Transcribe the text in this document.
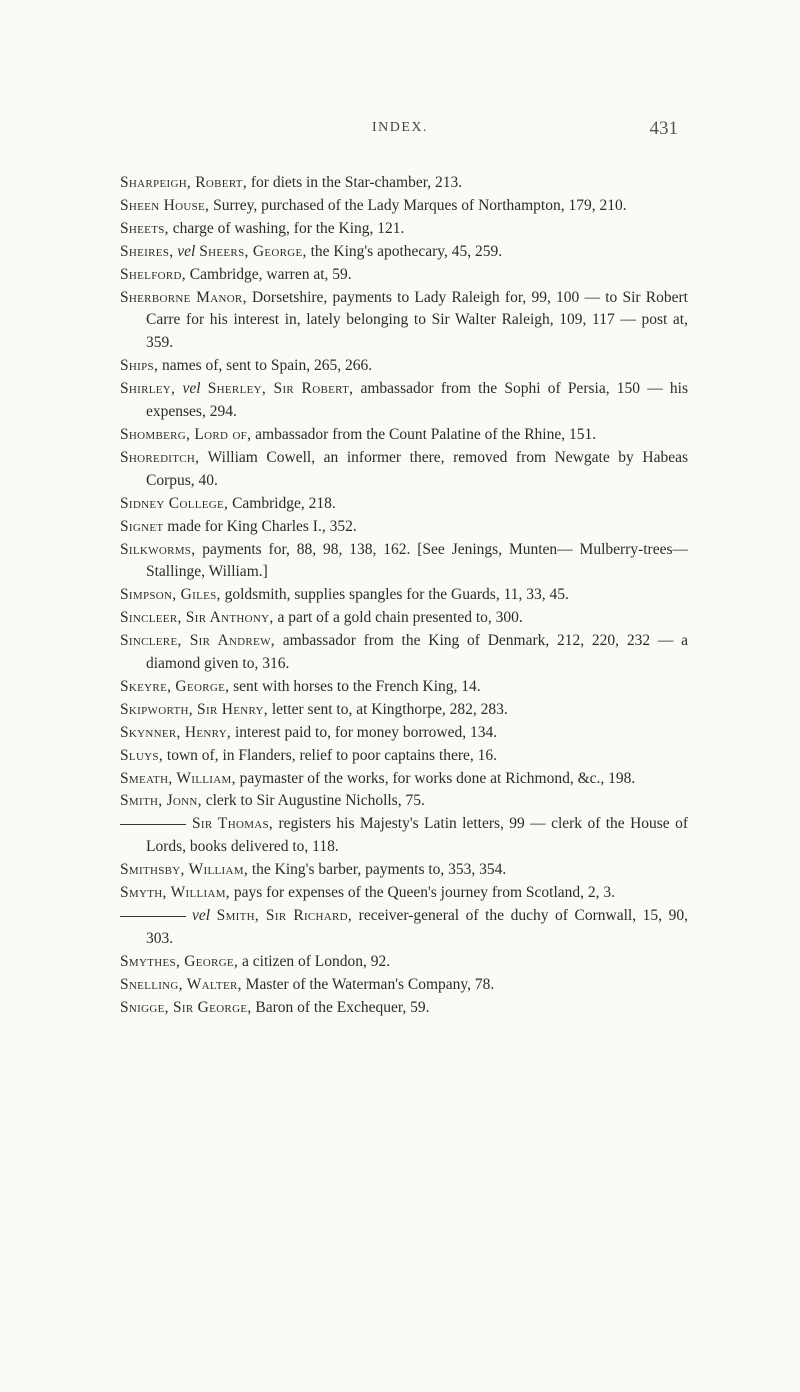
INDEX.	431
Sharpeigh, Robert, for diets in the Star-chamber, 213.
Sheen House, Surrey, purchased of the Lady Marques of Northampton, 179, 210.
Sheets, charge of washing, for the King, 121.
Sheires, vel Sheers, George, the King's apothecary, 45, 259.
Shelford, Cambridge, warren at, 59.
Sherborne Manor, Dorsetshire, payments to Lady Raleigh for, 99, 100 — to Sir Robert Carre for his interest in, lately belonging to Sir Walter Raleigh, 109, 117 — post at, 359.
Ships, names of, sent to Spain, 265, 266.
Shirley, vel Sherley, Sir Robert, ambassador from the Sophi of Persia, 150 — his expenses, 294.
Shomberg, Lord of, ambassador from the Count Palatine of the Rhine, 151.
Shoreditch, William Cowell, an informer there, removed from Newgate by Habeas Corpus, 40.
Sidney College, Cambridge, 218.
Signet made for King Charles I., 352.
Silkworms, payments for, 88, 98, 138, 162. [See Jenings, Munten— Mulberry-trees—Stallinge, William.]
Simpson, Giles, goldsmith, supplies spangles for the Guards, 11, 33, 45.
Sincleer, Sir Anthony, a part of a gold chain presented to, 300.
Sinclere, Sir Andrew, ambassador from the King of Denmark, 212, 220, 232 — a diamond given to, 316.
Skeyre, George, sent with horses to the French King, 14.
Skipworth, Sir Henry, letter sent to, at Kingthorpe, 282, 283.
Skynner, Henry, interest paid to, for money borrowed, 134.
Sluys, town of, in Flanders, relief to poor captains there, 16.
Smeath, William, paymaster of the works, for works done at Richmond, &c., 198.
Smith, Jonn, clerk to Sir Augustine Nicholls, 75.
Sir Thomas, registers his Majesty's Latin letters, 99 — clerk of the House of Lords, books delivered to, 118.
Smithsby, William, the King's barber, payments to, 353, 354.
Smyth, William, pays for expenses of the Queen's journey from Scotland, 2, 3.
vel Smith, Sir Richard, receiver-general of the duchy of Cornwall, 15, 90, 303.
Smythes, George, a citizen of London, 92.
Snelling, Walter, Master of the Waterman's Company, 78.
Snigge, Sir George, Baron of the Exchequer, 59.
